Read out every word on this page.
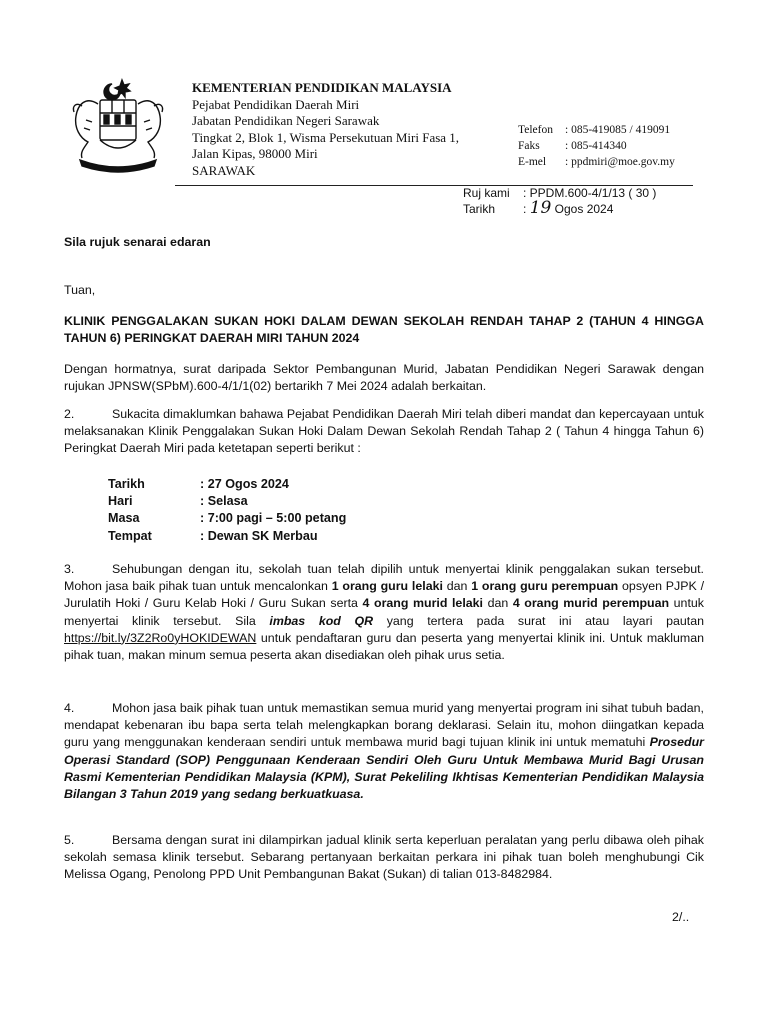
KEMENTERIAN PENDIDIKAN MALAYSIA
Pejabat Pendidikan Daerah Miri
Jabatan Pendidikan Negeri Sarawak
Tingkat 2, Blok 1, Wisma Persekutuan Miri Fasa 1,
Jalan Kipas, 98000 Miri
SARAWAK
Telefon : 085-419085 / 419091
Faks : 085-414340
E-mel : ppdmiri@moe.gov.my
Ruj kami : PPDM.600-4/1/13 ( 30 )
Tarikh : 19 Ogos 2024
Sila rujuk senarai edaran
Tuan,
KLINIK PENGGALAKAN SUKAN HOKI DALAM DEWAN SEKOLAH RENDAH TAHAP 2 (TAHUN 4 HINGGA TAHUN 6) PERINGKAT DAERAH MIRI TAHUN 2024
Dengan hormatnya, surat daripada Sektor Pembangunan Murid, Jabatan Pendidikan Negeri Sarawak dengan rujukan JPNSW(SPbM).600-4/1/1(02) bertarikh 7 Mei 2024 adalah berkaitan.
2.	Sukacita dimaklumkan bahawa Pejabat Pendidikan Daerah Miri telah diberi mandat dan kepercayaan untuk melaksanakan Klinik Penggalakan Sukan Hoki Dalam Dewan Sekolah Rendah Tahap 2 ( Tahun 4 hingga Tahun 6) Peringkat Daerah Miri pada ketetapan seperti berikut :
Tarikh	: 27 Ogos 2024
Hari	: Selasa
Masa	: 7:00 pagi – 5:00 petang
Tempat	: Dewan SK Merbau
3.	Sehubungan dengan itu, sekolah tuan telah dipilih untuk menyertai klinik penggalakan sukan tersebut. Mohon jasa baik pihak tuan untuk mencalonkan 1 orang guru lelaki dan 1 orang guru perempuan opsyen PJPK / Jurulatih Hoki / Guru Kelab Hoki / Guru Sukan serta 4 orang murid lelaki dan 4 orang murid perempuan untuk menyertai klinik tersebut. Sila imbas kod QR yang tertera pada surat ini atau layari pautan https://bit.ly/3Z2Ro0yHOKIDEWAN untuk pendaftaran guru dan peserta yang menyertai klinik ini. Untuk makluman pihak tuan, makan minum semua peserta akan disediakan oleh pihak urus setia.
4.	Mohon jasa baik pihak tuan untuk memastikan semua murid yang menyertai program ini sihat tubuh badan, mendapat kebenaran ibu bapa serta telah melengkapkan borang deklarasi. Selain itu, mohon diingatkan kepada guru yang menggunakan kenderaan sendiri untuk membawa murid bagi tujuan klinik ini untuk mematuhi Prosedur Operasi Standard (SOP) Penggunaan Kenderaan Sendiri Oleh Guru Untuk Membawa Murid Bagi Urusan Rasmi Kementerian Pendidikan Malaysia (KPM), Surat Pekeliling Ikhtisas Kementerian Pendidikan Malaysia Bilangan 3 Tahun 2019 yang sedang berkuatkuasa.
5.	Bersama dengan surat ini dilampirkan jadual klinik serta keperluan peralatan yang perlu dibawa oleh pihak sekolah semasa klinik tersebut. Sebarang pertanyaan berkaitan perkara ini pihak tuan boleh menghubungi Cik Melissa Ogang, Penolong PPD Unit Pembangunan Bakat (Sukan) di talian 013-8482984.
2/..
